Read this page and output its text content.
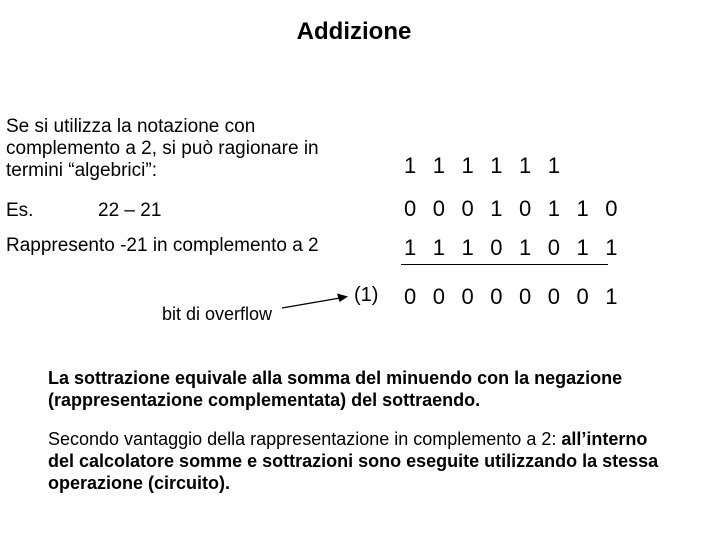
Addizione
Se si utilizza la notazione con complemento a 2, si può ragionare in termini “algebrici”:
Es.	22 – 21
Rappresento -21 in complemento a 2
1 1 1 1 1 1
0 0 0 1 0 1 1 0
1 1 1 0 1 0 1 1
0 0 0 0 0 0 0 1
(1)
bit di overflow
La sottrazione equivale alla somma del minuendo con la negazione (rappresentazione complementata) del sottraendo.
Secondo vantaggio della rappresentazione in complemento a 2: all’interno del calcolatore somme e sottrazioni sono eseguite utilizzando la stessa operazione (circuito).
